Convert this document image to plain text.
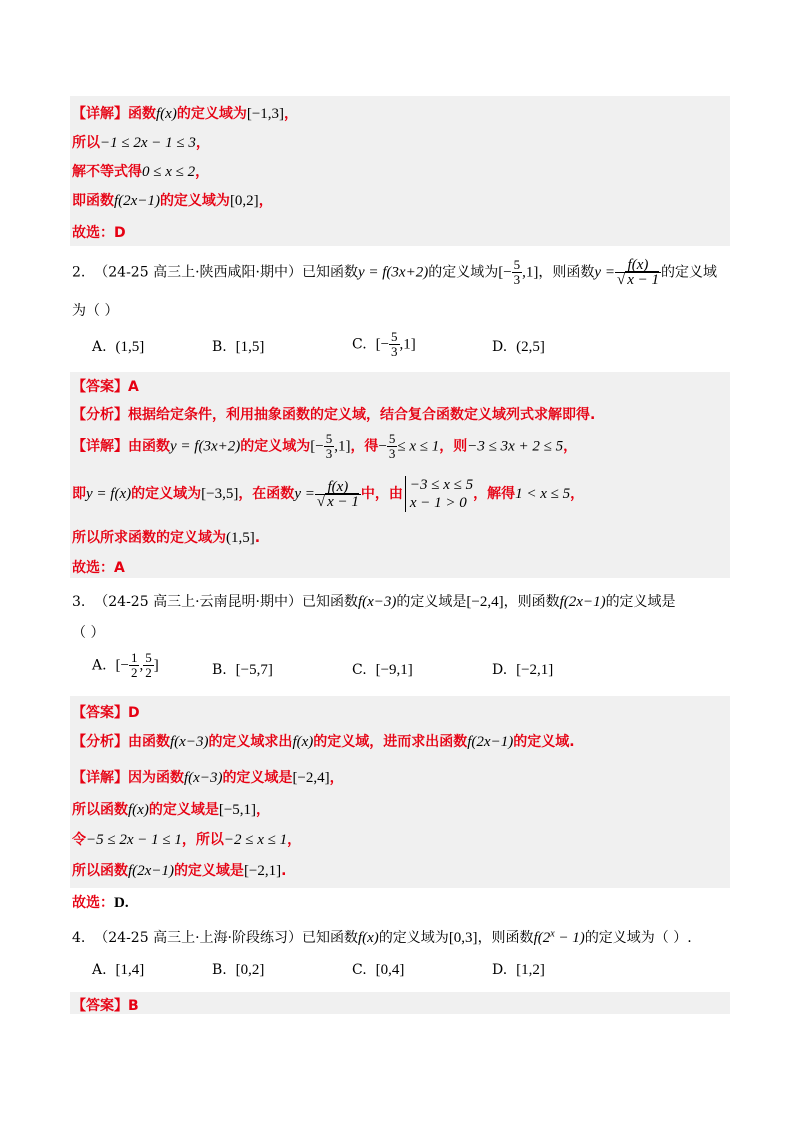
【详解】函数f(x)的定义域为[−1,3]，
所以−1 ≤ 2x − 1 ≤ 3，
解不等式得0 ≤ x ≤ 2，
即函数f(2x−1)的定义域为[0,2]，
故选：D
2. （24-25 高三上·陕西咸阳·期中）已知函数y = f(3x+2)的定义域为[− $\frac{5}{3} ,1$]，则函数$y = \frac{f(x)}{√ x - 1}$ 的定义域
为（ ）
A. (1,5]	B. [1,5]	C. [− $\frac{5}{3} ,1$]	D. (2,5]
【答案】A
【分析】根据给定条件，利用抽象函数的定义域，结合复合函数定义域列式求解即得.
【详解】由函数y = f(3x+2)的定义域为[− $\frac{5}{3} ,1$]，得− $\frac{5}{3} \le x \le 1$，则−3 ≤ 3x + 2 ≤ 5，
即y = f(x)的定义域为[−3,5]，在函数$y = \frac{f(x)}{√ x - 1}$ 中，由−3 ≤ x ≤ 5
x − 1 > 0，解得1 < x ≤ 5，
所以所求函数的定义域为(1,5].
故选：A
3. （24-25 高三上·云南昆明·期中）已知函数f(x−3)的定义域是[−2,4]，则函数f(2x−1)的定义域是
（ ）
A. [− $\frac{1}{2}$ , $\frac{5}{2}$ ]	B. [−5,7]	C. [−9,1]	D. [−2,1]
【答案】D
【分析】由函数f(x−3)的定义域求出f(x)的定义域，进而求出函数f(2x−1)的定义域.
【详解】因为函数f(x−3)的定义域是[−2,4]，
所以函数f(x)的定义域是[−5,1]，
令−5 ≤ 2x − 1 ≤ 1，所以−2 ≤ x ≤ 1，
所以函数f(2x−1)的定义域是[−2,1].
故选：D.
4. （24-25 高三上·上海·阶段练习）已知函数f(x)的定义域为[0,3]，则函数$f(2^x - 1)$的定义域为（ ）.
A. [1,4]	B. [0,2]	C. [0,4]	D. [1,2]
【答案】B
